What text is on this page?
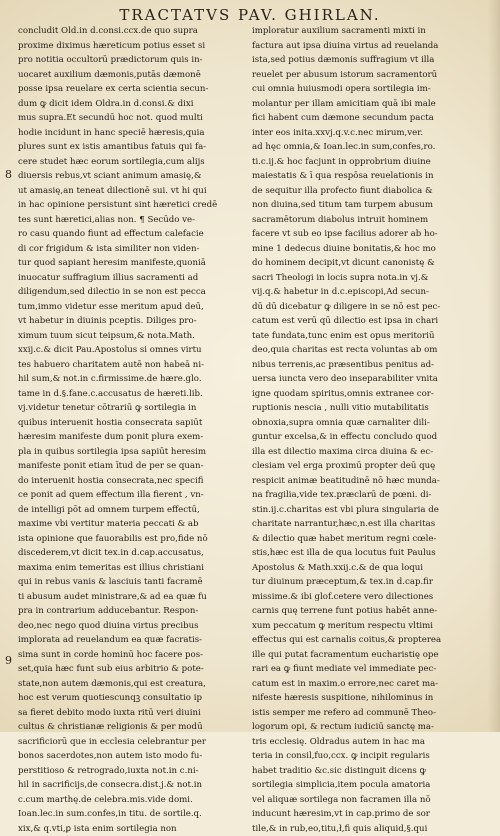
TRACTATVS PAV. GHIRLAN.
8
9
concludit Old.in d.consi.ccx.de quo supra
proxime diximus hæreticum potius esset si
pro notitia occultorū prædictorum quis in-
uocaret auxilium dæmonis,putās dæmonē
posse ipsa reuelare ex certa scientia secun-
dum ꝙ dicit idem Oldra.in d.consi.& dixi
mus supra.Et secundū hoc not. quod multi
hodie incidunt in hanc speciē hæresis,quia
plures sunt ex istis amantibus fatuis qui fa-
cere studet hæc eorum sortilegia,cum alijs
diuersis rebus,vt sciant animum amasię,&
ut amasię,an teneat dilectionē sui. vt hi qui
in hac opinione persistunt sint hæretici credē
tes sunt hæretici,alias non. ¶ Secūdo ve-
ro casu quando fiunt ad effectum calefacie
di cor frigidum & ista similiter non viden-
tur quod sapiant heresim manifeste,quoniā
inuocatur suffragium illius sacramenti ad
diligendum,sed dilectio in se non est pecca
tum,immo videtur esse meritum apud deū,
vt habetur in diuinis pceptis. Diliges pro-
ximum tuum sicut teipsum,& nota.Math.
xxij.c.& dicit Pau.Apostolus si omnes virtu
tes habuero charitatem autē non habeā ni-
hil sum,& not.in c.firmissime.de hære.glo.
tame in d.§.fane.c.accusatus de hæreti.lib.
vj.videtur tenetur cōtrariū ꝙ sortilegia in
quibus interuenit hostia consecrata sapiūt
hæresim manifeste dum ponit plura exem-
pla in quibus sortilegia ipsa sapiūt heresim
manifeste ponit etiam ītud de per se quan-
do interuenit hostia consecrata,nec specifi
ce ponit ad quem effectum illa fierent , vn-
de intelligi pōt ad omnem turpem effectū,
maxime vbi vertitur materia peccati & ab
ista opinione que fauorabilis est pro,fide nō
discederem,vt dicit tex.in d.cap.accusatus,
maxima enim temeritas est illius christiani
qui in rebus vanis & lasciuis tanti facramē
ti abusum audet ministrare,& ad ea quæ fu
pra in contrarium adducebantur. Respon-
deo,nec nego quod diuina virtus precibus
implorata ad reuelandum ea quæ facratis-
sima sunt in corde hominū hoc facere pos-
set,quia hæc funt sub eius arbitrio & pote-
state,non autem dæmonis,qui est creatura,
hoc est verum quotiescunqꝫ consultatio ip
sa fieret debito modo iuxta ritū veri diuini
cultus & christianæ religionis & per modū
sacrificiorū que in ecclesia celebrantur per
bonos sacerdotes,non autem isto modo fu-
perstitioso & retrogrado,iuxta not.in c.ni-
hil in sacrificijs,de consecra.dist.j.& not.in
c.cum marthę.de celebra.mis.vide domi.
Ioan.lec.in sum.confes,in titu. de sortile.q.
xix,& q.vti,ꝑ ista enim sortilegia non
imploratur auxilium sacramenti mixti in
factura aut ipsa diuina virtus ad reuelanda
ista,sed potius dæmonis suffragium vt illa
reuelet per abusum istorum sacramentorū
cui omnia huiusmodi opera sortilegia im-
molantur per illam amicitiam quā ibi male
fici habent cum dæmone secundum pacta
inter eos inita.xxvj.q.v.c.nec mirum,ver.
ad hęc omnia,& Ioan.lec.in sum,confes,ro.
ti.c.ij.& hoc facjunt in opprobrium diuine
maiestatis & ī qua respōsa reuelationis in
de sequitur illa profecto fiunt diabolica &
non diuina,sed titum tam turpem abusum
sacramētorum diabolus intruit hominem
facere vt sub eo ipse facilius adorer ab ho-
mine 1 dedecus diuine bonitatis,& hoc mo
do hominem decipit,vt dicunt canonistę &
sacri Theologi in locis supra nota.in vj.&
vij.q.& habetur in d.c.episcopi,Ad secun-
dū dū dicebatur ꝙ diligere in se nō est pec-
catum est verū qū dilectio est ipsa in chari
tate fundata,tunc enim est opus meritoriū
deo,quia charitas est recta voluntas ab om
nibus terrenis,ac præsentibus penitus ad-
uersa iuncta vero deo inseparabiliter vnita
igne quodam spiritus,omnis extranee cor-
ruptionis nescia , nulli vitio mutabilitatis
obnoxia,supra omnia quæ carnaliter dili-
guntur excelsa,& in effectu concludo quod
illa est dilectio maxima circa diuina & ec-
clesiam vel erga proximū propter deū quę
respicit animæ beatitudinē nō hæc munda-
na fragilia,vide tex.præclarū de pœni. di-
stin.ij.c.charitas est vbi plura singularia de
charitate narrantur,hæc,n.est illa charitas
& dilectio quæ habet meritum regni cœle-
stis,hæc est illa de qua locutus fuit Paulus
Apostolus & Math.xxij.c.& de qua loqui
tur diuinum præceptum,& tex.in d.cap.fir
missime.& ibi glof.cetere vero dilectiones
carnis quę terrene funt potius habēt anne-
xum peccatum ꝙ meritum respectu vltimi
effectus qui est carnalis coitus,& propterea
ille qui putat facramentum eucharistię ope
rari ea ꝙ fiunt mediate vel immediate pec-
catum est in maxim.o errore,nec caret ma-
nifeste hæresis suspitione, nihilominus in
istis semper me refero ad communē Theo-
logorum opi, & rectum iudiciū sanctę ma-
tris ecclesię. Oldradus autem in hac ma
teria in consil,fuo,ccx. ꝙ incipit regularis
habet traditio &c.sic distinguit dicens ꝙ
sortilegia simplicia,item pocula amatoria
vel aliquæ sortilega non facramen illa nō
inducunt hæresim,vt in cap.primo de sor
tile,& in rub,eo,titu,ł,fi quis aliquid,§.qui
